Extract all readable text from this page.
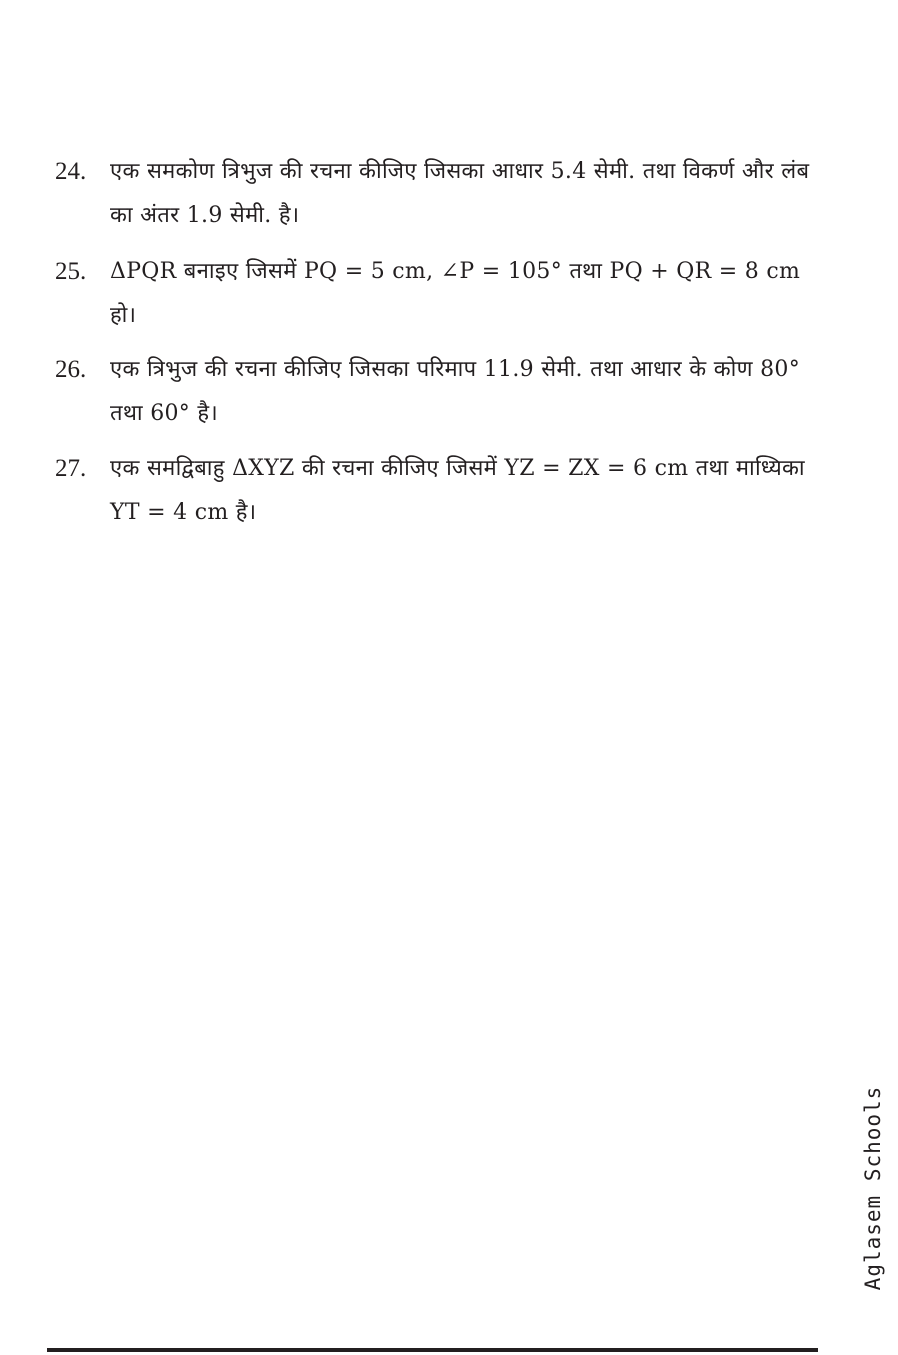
24.	एक समकोण त्रिभुज की रचना कीजिए जिसका आधार 5.4 सेमी. तथा विकर्ण और लंब का अंतर 1.9 सेमी. है।
25.	ΔPQR बनाइए जिसमें PQ = 5 cm, ∠P = 105° तथा PQ + QR = 8 cm हो।
26.	एक त्रिभुज की रचना कीजिए जिसका परिमाप 11.9 सेमी. तथा आधार के कोण 80° तथा 60° है।
27.	एक समद्विबाहु ΔXYZ की रचना कीजिए जिसमें YZ = ZX = 6 cm तथा माध्यिका YT = 4 cm है।
Aglasem Schools
